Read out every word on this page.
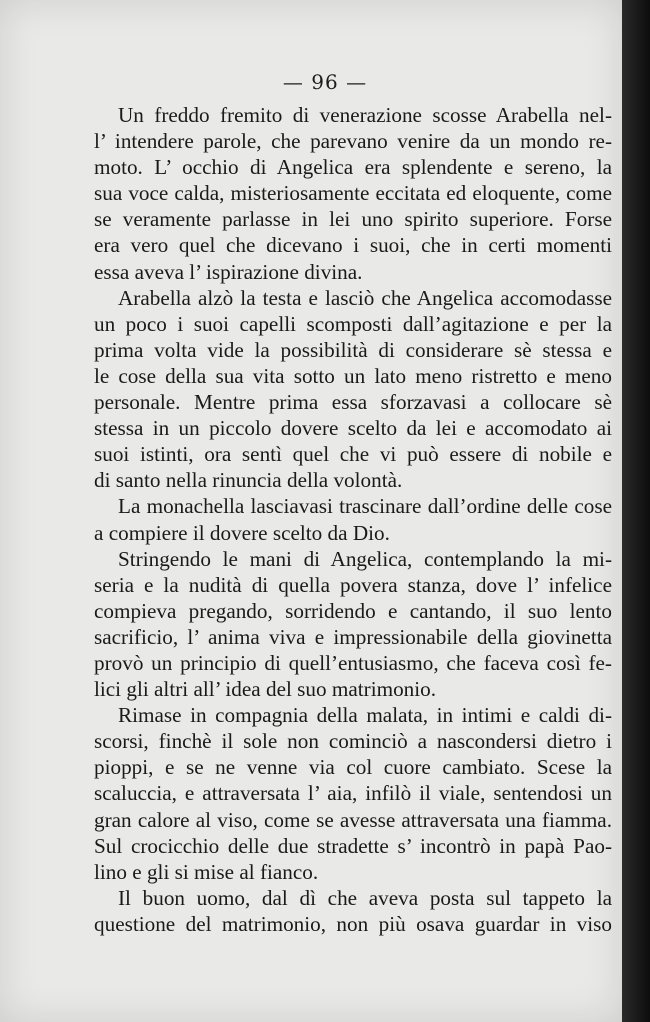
— 96 —
Un freddo fremito di venerazione scosse Arabella nel-
l’ intendere parole, che parevano venire da un mondo re-
moto. L’ occhio di Angelica era splendente e sereno, la
sua voce calda, misteriosamente eccitata ed eloquente, come
se veramente parlasse in lei uno spirito superiore. Forse
era vero quel che dicevano i suoi, che in certi momenti
essa aveva l’ ispirazione divina.
Arabella alzò la testa e lasciò che Angelica accomodasse
un poco i suoi capelli scomposti dall’agitazione e per la
prima volta vide la possibilità di considerare sè stessa e
le cose della sua vita sotto un lato meno ristretto e meno
personale. Mentre prima essa sforzavasi a collocare sè
stessa in un piccolo dovere scelto da lei e accomodato ai
suoi istinti, ora sentì quel che vi può essere di nobile e
di santo nella rinuncia della volontà.
La monachella lasciavasi trascinare dall’ordine delle cose
a compiere il dovere scelto da Dio.
Stringendo le mani di Angelica, contemplando la mi-
seria e la nudità di quella povera stanza, dove l’ infelice
compieva pregando, sorridendo e cantando, il suo lento
sacrificio, l’ anima viva e impressionabile della giovinetta
provò un principio di quell’entusiasmo, che faceva così fe-
lici gli altri all’ idea del suo matrimonio.
Rimase in compagnia della malata, in intimi e caldi di-
scorsi, finchè il sole non cominciò a nascondersi dietro i
pioppi, e se ne venne via col cuore cambiato. Scese la
scaluccia, e attraversata l’ aia, infilò il viale, sentendosi un
gran calore al viso, come se avesse attraversata una fiamma.
Sul crocicchio delle due stradette s’ incontrò in papà Pao-
lino e gli si mise al fianco.
Il buon uomo, dal dì che aveva posta sul tappeto la
questione del matrimonio, non più osava guardar in viso
